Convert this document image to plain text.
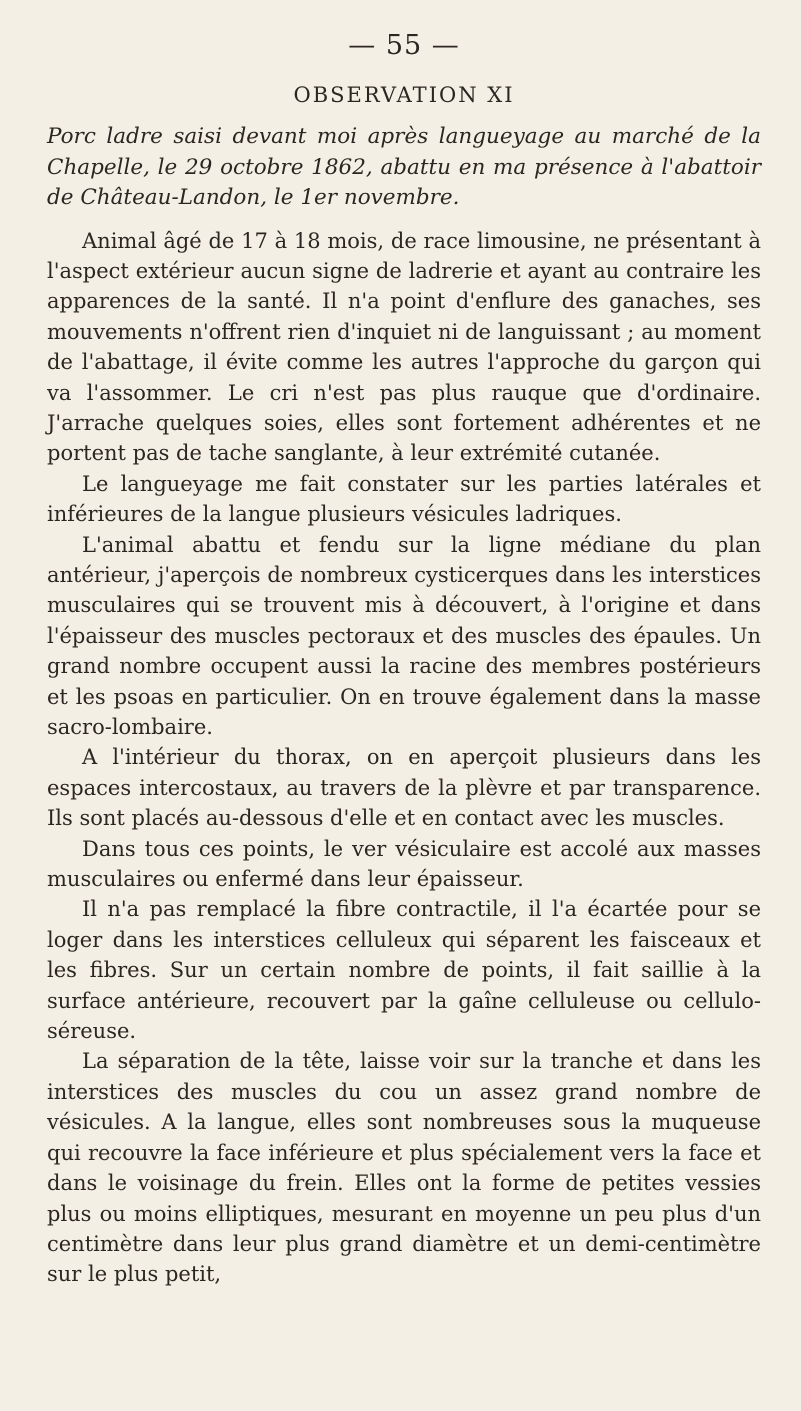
— 55 —
OBSERVATION XI

Porc ladre saisi devant moi après langueyage au marché de la Chapelle, le 29 octobre 1862, abattu en ma présence à l'abattoir de Château-Landon, le 1er novembre.

Animal âgé de 17 à 18 mois, de race limousine, ne présentant à l'aspect extérieur aucun signe de ladrerie et ayant au contraire les apparences de la santé. Il n'a point d'enflure des ganaches, ses mouvements n'offrent rien d'inquiet ni de languissant ; au moment de l'abattage, il évite comme les autres l'approche du garçon qui va l'assommer. Le cri n'est pas plus rauque que d'ordinaire. J'arrache quelques soies, elles sont fortement adhérentes et ne portent pas de tache sanglante, à leur extrémité cutanée.

Le langueyage me fait constater sur les parties latérales et inférieures de la langue plusieurs vésicules ladriques.

L'animal abattu et fendu sur la ligne médiane du plan antérieur, j'aperçois de nombreux cysticerques dans les interstices musculaires qui se trouvent mis à découvert, à l'origine et dans l'épaisseur des muscles pectoraux et des muscles des épaules. Un grand nombre occupent aussi la racine des membres postérieurs et les psoas en particulier. On en trouve également dans la masse sacro-lombaire.

A l'intérieur du thorax, on en aperçoit plusieurs dans les espaces intercostaux, au travers de la plèvre et par transparence. Ils sont placés au-dessous d'elle et en contact avec les muscles.

Dans tous ces points, le ver vésiculaire est accolé aux masses musculaires ou enfermé dans leur épaisseur.

Il n'a pas remplacé la fibre contractile, il l'a écartée pour se loger dans les interstices celluleux qui séparent les faisceaux et les fibres. Sur un certain nombre de points, il fait saillie à la surface antérieure, recouvert par la gaîne celluleuse ou cellulo-séreuse.

La séparation de la tête, laisse voir sur la tranche et dans les interstices des muscles du cou un assez grand nombre de vésicules. A la langue, elles sont nombreuses sous la muqueuse qui recouvre la face inférieure et plus spécialement vers la face et dans le voisinage du frein. Elles ont la forme de petites vessies plus ou moins elliptiques, mesurant en moyenne un peu plus d'un centimètre dans leur plus grand diamètre et un demi-centimètre sur le plus petit,
